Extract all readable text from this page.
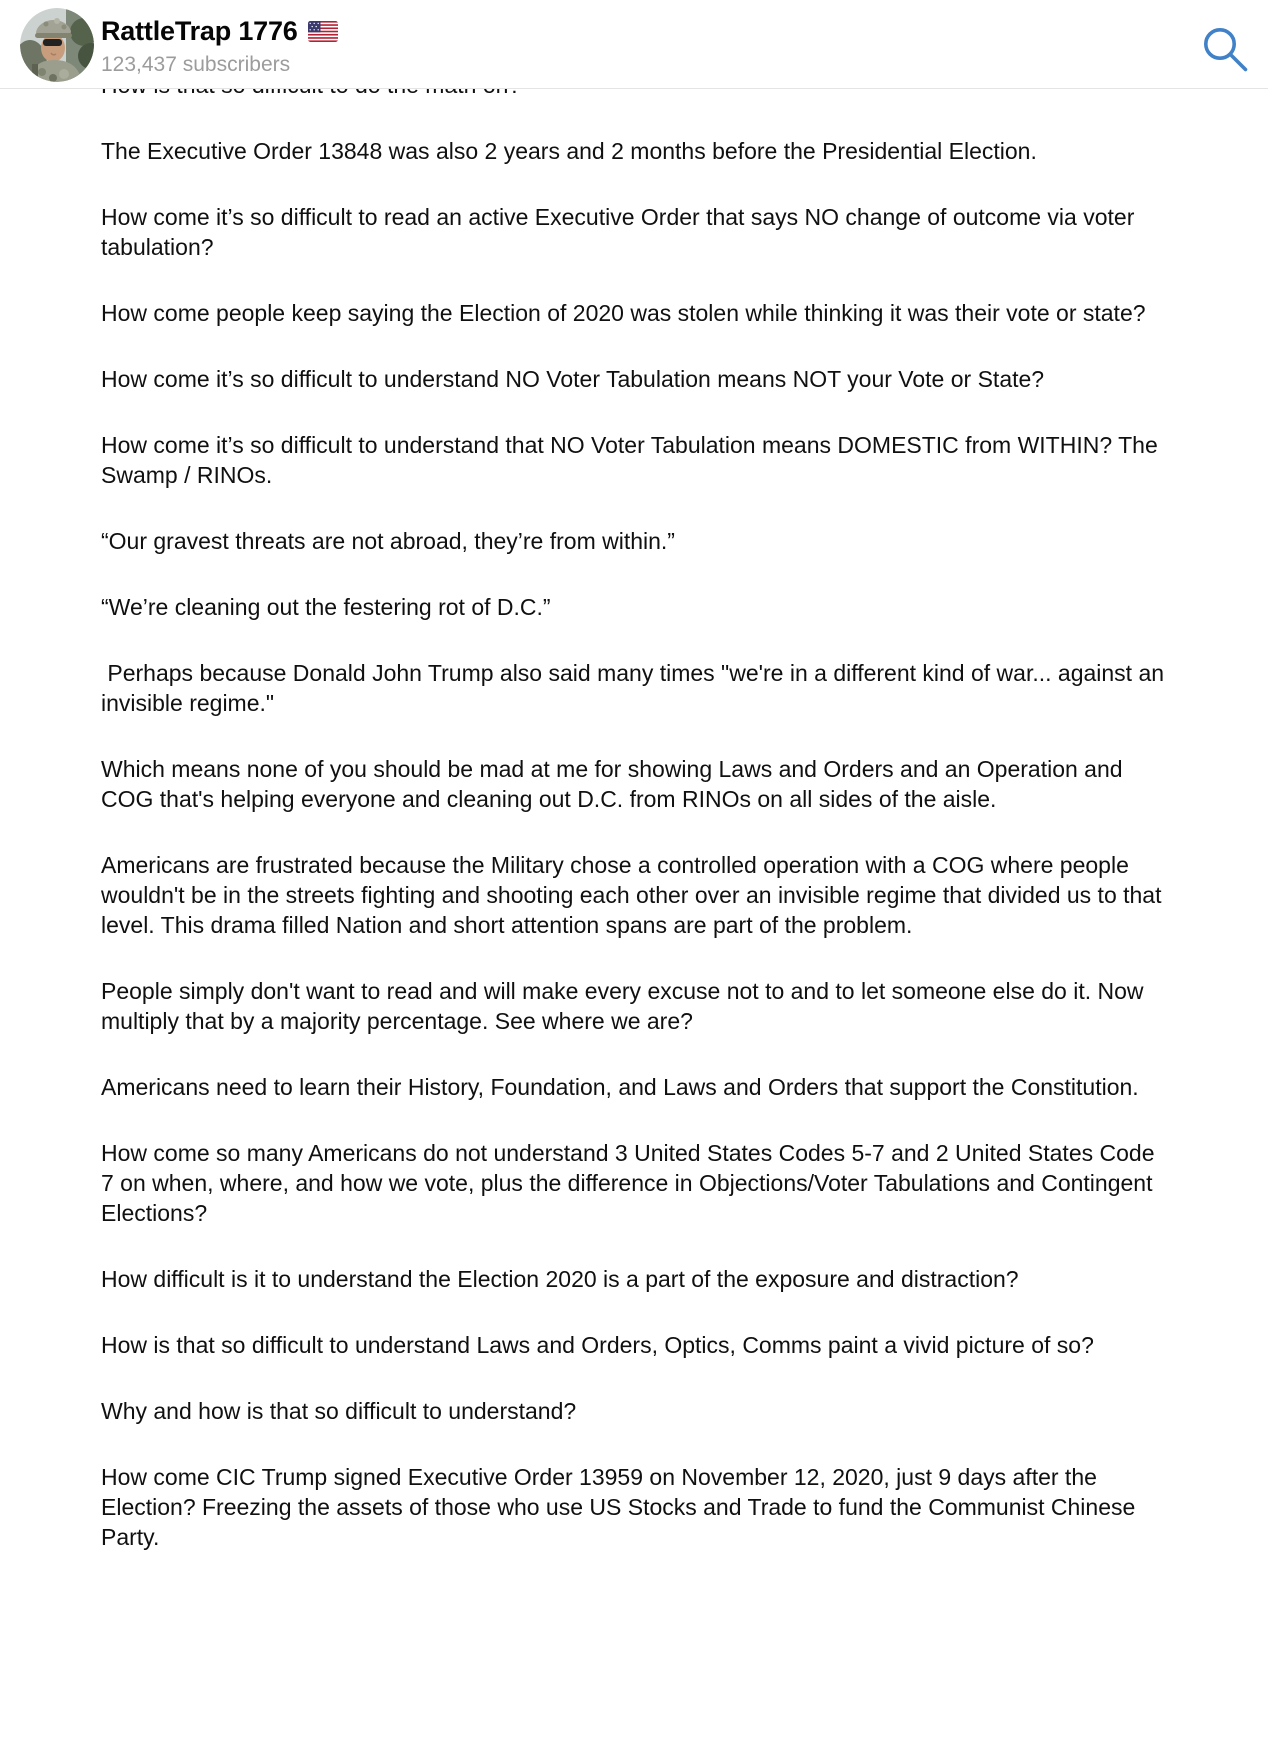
The Executive Order 13848 was also 2 years and 2 months before the Presidential Election.

How come it’s so difficult to read an active Executive Order that says NO change of outcome via voter tabulation?

How come people keep saying the Election of 2020 was stolen while thinking it was their vote or state?

How come it’s so difficult to understand NO Voter Tabulation means NOT your Vote or State?

How come it’s so difficult to understand that NO Voter Tabulation means DOMESTIC from WITHIN? The Swamp / RINOs.

“Our gravest threats are not abroad, they’re from within.”

“We’re cleaning out the festering rot of D.C.”

Perhaps because Donald John Trump also said many times "we're in a different kind of war... against an invisible regime."

Which means none of you should be mad at me for showing Laws and Orders and an Operation and COG that's helping everyone and cleaning out D.C. from RINOs on all sides of the aisle.

Americans are frustrated because the Military chose a controlled operation with a COG where people wouldn't be in the streets fighting and shooting each other over an invisible regime that divided us to that level. This drama filled Nation and short attention spans are part of the problem.

People simply don't want to read and will make every excuse not to and to let someone else do it. Now multiply that by a majority percentage. See where we are?

Americans need to learn their History, Foundation, and Laws and Orders that support the Constitution.

How come so many Americans do not understand 3 United States Codes 5-7 and 2 United States Code 7 on when, where, and how we vote, plus the difference in Objections/Voter Tabulations and Contingent Elections?

How difficult is it to understand the Election 2020 is a part of the exposure and distraction?

How is that so difficult to understand Laws and Orders, Optics, Comms paint a vivid picture of so?

Why and how is that so difficult to understand?

How come CIC Trump signed Executive Order 13959 on November 12, 2020, just 9 days after the Election? Freezing the assets of those who use US Stocks and Trade to fund the Communist Chinese Party.

RattleTrap 1776
123,437 subscribers
